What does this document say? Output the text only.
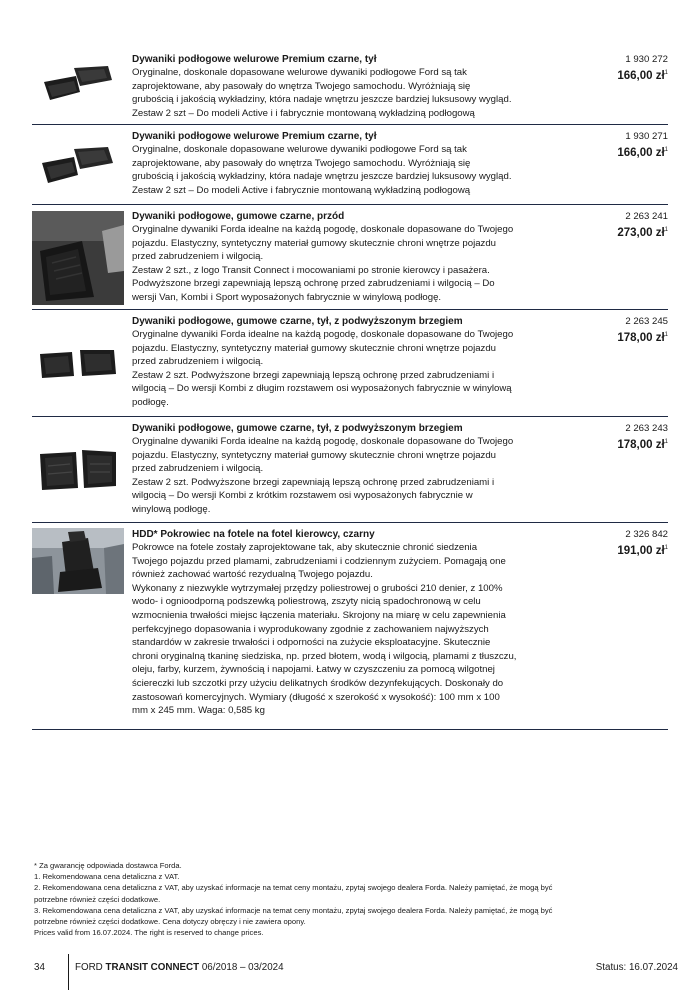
Dywaniki podłogowe welurowe Premium czarne, tył

Oryginalne, doskonale dopasowane welurowe dywaniki podłogowe Ford są tak

zaprojektowane, aby pasowały do wnętrza Twojego samochodu. Wyróżniają się

grubością i jakością wykładziny, która nadaje wnętrzu jeszcze bardziej luksusowy wygląd.

Zestaw 2 szt – Do modeli Active i i fabrycznie montowaną wykładziną podłogową

1 930 272
166,00 $zł^1$
Dywaniki podłogowe welurowe Premium czarne, tył

Oryginalne, doskonale dopasowane welurowe dywaniki podłogowe Ford są tak

zaprojektowane, aby pasowały do wnętrza Twojego samochodu. Wyróżniają się

grubością i jakością wykładziny, która nadaje wnętrzu jeszcze bardziej luksusowy wygląd.

Zestaw 2 szt – Do modeli Active i fabrycznie montowaną wykładziną podłogową

1 930 271
166,00 $zł^1$
Dywaniki podłogowe, gumowe czarne, przód

Oryginalne dywaniki Forda idealne na każdą pogodę, doskonale dopasowane do Twojego

pojazdu. Elastyczny, syntetyczny materiał gumowy skutecznie chroni wnętrze pojazdu

przed zabrudzeniem i wilgocią.

Zestaw 2 szt., z logo Transit Connect i mocowaniami po stronie kierowcy i pasażera.

Podwyższone brzegi zapewniają lepszą ochronę przed zabrudzeniami i wilgocią – Do

wersji Van, Kombi i Sport wyposażonych fabrycznie w winylową podłogę.

2 263 241
273,00 $zł^1$
Dywaniki podłogowe, gumowe czarne, tył, z podwyższonym brzegiem

Oryginalne dywaniki Forda idealne na każdą pogodę, doskonale dopasowane do Twojego

pojazdu. Elastyczny, syntetyczny materiał gumowy skutecznie chroni wnętrze pojazdu

przed zabrudzeniem i wilgocią.

Zestaw 2 szt. Podwyższone brzegi zapewniają lepszą ochronę przed zabrudzeniami i

wilgocią – Do wersji Kombi z długim rozstawem osi wyposażonych fabrycznie w winylową

podłogę.

2 263 245
178,00 $zł^1$
Dywaniki podłogowe, gumowe czarne, tył, z podwyższonym brzegiem

Oryginalne dywaniki Forda idealne na każdą pogodę, doskonale dopasowane do Twojego

pojazdu. Elastyczny, syntetyczny materiał gumowy skutecznie chroni wnętrze pojazdu

przed zabrudzeniem i wilgocią.

Zestaw 2 szt. Podwyższone brzegi zapewniają lepszą ochronę przed zabrudzeniami i

wilgocią – Do wersji Kombi z krótkim rozstawem osi wyposażonych fabrycznie w

winylową podłogę.

2 263 243
178,00 $zł^1$
HDD* Pokrowiec na fotele na fotel kierowcy, czarny

Pokrowce na fotele zostały zaprojektowane tak, aby skutecznie chronić siedzenia

Twojego pojazdu przed plamami, zabrudzeniami i codziennym zużyciem. Pomagają one

również zachować wartość rezydualną Twojego pojazdu.

Wykonany z niezwykle wytrzymałej przędzy poliestrowej o grubości 210 denier, z 100%

wodo- i ognioodporną podszewką poliestrową, zszyty nicią spadochronową w celu

wzmocnienia trwałości miejsc łączenia materiału. Skrojony na miarę w celu zapewnienia

perfekcyjnego dopasowania i wyprodukowany zgodnie z zachowaniem najwyższych

standardów w zakresie trwałości i odporności na zużycie eksploatacyjne. Skutecznie

chroni oryginalną tkaninę siedziska, np. przed błotem, wodą i wilgocią, plamami z tłuszczu,

oleju, farby, kurzem, żywnością i napojami. Łatwy w czyszczeniu za pomocą wilgotnej

ściereczki lub szczotki przy użyciu delikatnych środków dezynfekujących. Doskonały do

zastosowań komercyjnych. Wymiary (długość x szerokość x wysokość): 100 mm x 100

mm x 245 mm. Waga: 0,585 kg

2 326 842
191,00 $zł^1$

* Za gwarancję odpowiada dostawca Forda.

1. Rekomendowana cena detaliczna z VAT.

2. Rekomendowana cena detaliczna z VAT, aby uzyskać informacje na temat ceny montażu, zpytaj swojego dealera Forda. Należy pamiętać, że mogą być

potrzebne również części dodatkowe.

3. Rekomendowana cena detaliczna z VAT, aby uzyskać informacje na temat ceny montażu, zpytaj swojego dealera Forda. Należy pamiętać, że mogą być

potrzebne również części dodatkowe. Cena dotyczy obręczy i nie zawiera opony.

Prices valid from 16.07.2024. The right is reserved to change prices.

34	FORD TRANSIT CONNECT 06/2018 – 03/2024	Status: 16.07.2024
